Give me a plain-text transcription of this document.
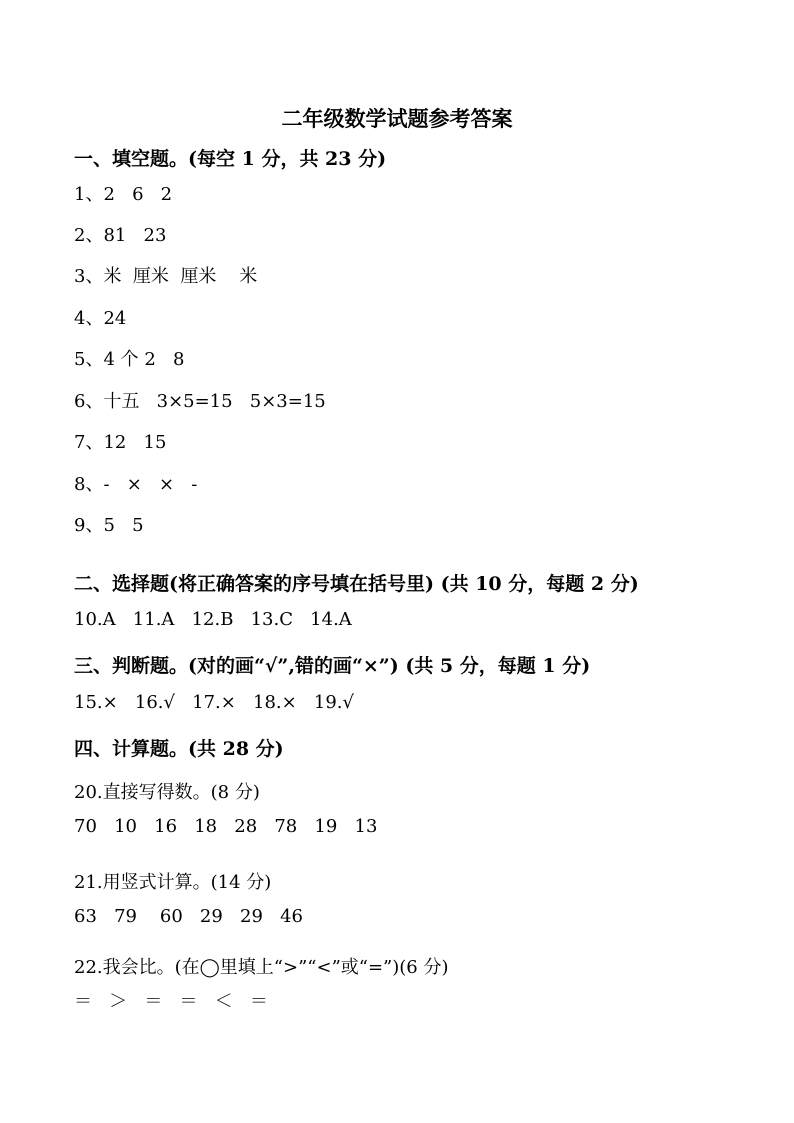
二年级数学试题参考答案
一、填空题。(每空 1 分，共 23 分)
1、2   6   2
2、81   23
3、米  厘米  厘米    米
4、24
5、4 个 2   8
6、十五   3×5=15   5×3=15
7、12   15
8、-   ×   ×   -
9、5   5
二、选择题(将正确答案的序号填在括号里) (共 10 分，每题 2 分)
10.A   11.A   12.B   13.C   14.A
三、判断题。(对的画“√”,错的画“×”) (共 5 分，每题 1 分)
15.×   16.√   17.×   18.×   19.√
四、计算题。(共 28 分)
20.直接写得数。(8 分)
70   10   16   18   28   78   19   13
21.用竖式计算。(14 分)
63   79    60   29   29   46
22.我会比。(在◯里填上“>”“<”或“=”)(6 分)
＝   ＞   ＝   ＝   ＜   ＝
